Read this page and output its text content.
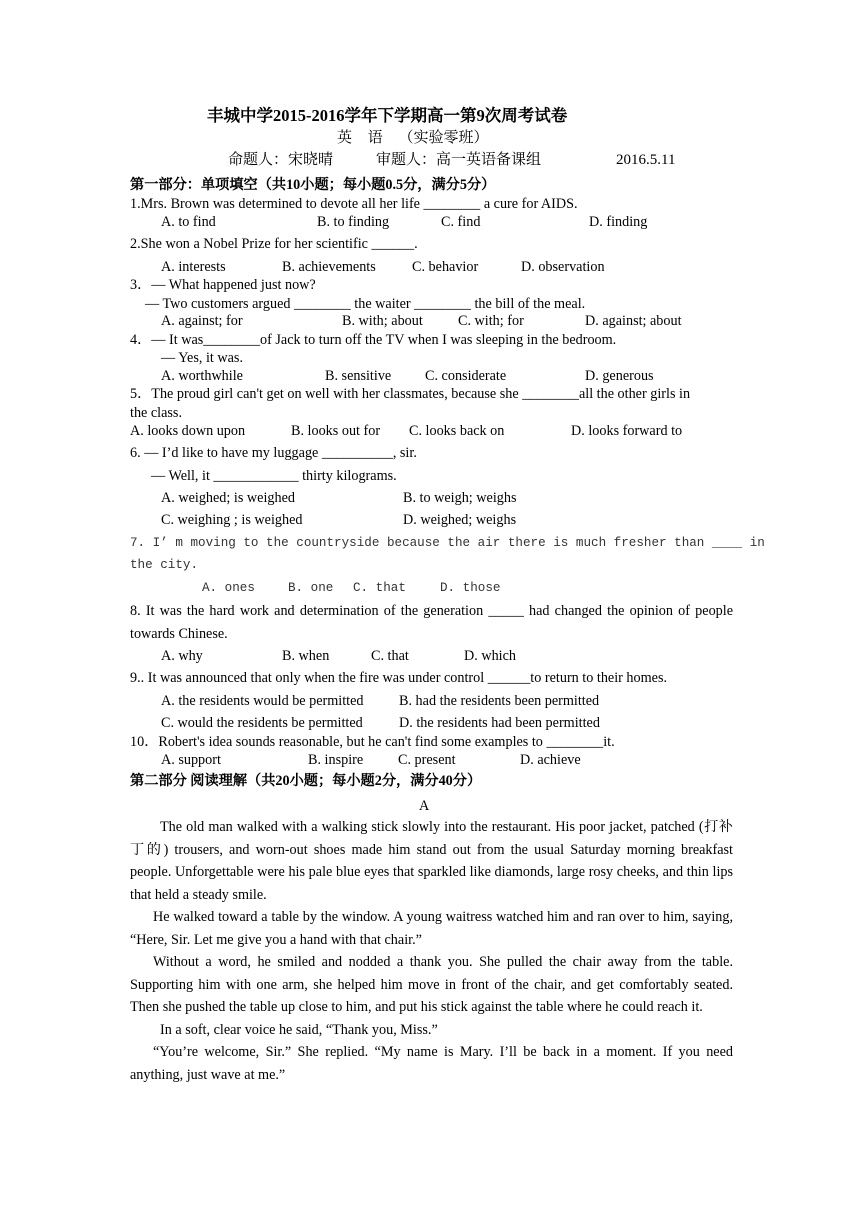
丰城中学2015-2016学年下学期高一第9次周考试卷
英 语 （实验零班）
命题人：宋晓晴	审题人：高一英语备课组	2016.5.11
第一部分：单项填空（共10小题；每小题0.5分，满分5分）
1.Mrs. Brown was determined to devote all her life ________ a cure for AIDS.
A. to find	B. to finding	C. find	D. finding
2.She won a Nobel Prize for her scientific ______.
A. interests	B. achievements	C. behavior	D. observation
3．— What happened just now?
— Two customers argued ________ the waiter ________ the bill of the meal.
A. against; for	B. with; about C. with; for	D. against; about
4．— It was________of Jack to turn off the TV when I was sleeping in the bedroom.
— Yes, it was.
A. worthwhile	B. sensitive C. considerate	D. generous
5．The proud girl can't get on well with her classmates, because she ________all the other girls in
the class.
A. looks down upon	B. looks out for C. looks back on	D. looks forward to
6. — I’d like to have my luggage __________, sir.
— Well, it ____________ thirty kilograms.
A. weighed; is weighed	B. to weigh; weighs
C. weighing ; is weighed	D. weighed; weighs
7. I’ m moving to the countryside because the air there is much fresher than ____ in
the city.
A. ones	B. one C. that	D. those
8. It was the hard work and determination of the generation _____ had changed the opinion of people towards Chinese.
A. why	B. when	C. that	D. which
9.. It was announced that only when the fire was under control ______to return to their homes.
A. the residents would be permitted B. had the residents been permitted
C. would the residents be permitted	D. the residents had been permitted
10．Robert's idea sounds reasonable, but he can't find some examples to ________it.
A. support	B. inspire C. present	D. achieve
第二部分 阅读理解（共20小题；每小题2分，满分40分）
A

The old man walked with a walking stick slowly into the restaurant. His poor jacket, patched (打补丁的) trousers, and worn-out shoes made him stand out from the usual Saturday morning breakfast people. Unforgettable were his pale blue eyes that sparkled like diamonds, large rosy cheeks, and thin lips that held a steady smile.

He walked toward a table by the window. A young waitress watched him and ran over to him, saying, “Here, Sir. Let me give you a hand with that chair.”

Without a word, he smiled and nodded a thank you. She pulled the chair away from the table. Supporting him with one arm, she helped him move in front of the chair, and get comfortably seated. Then she pushed the table up close to him, and put his stick against the table where he could reach it.

In a soft, clear voice he said, “Thank you, Miss.”

“You’re welcome, Sir.” She replied. “My name is Mary. I’ll be back in a moment. If you need anything, just wave at me.”
